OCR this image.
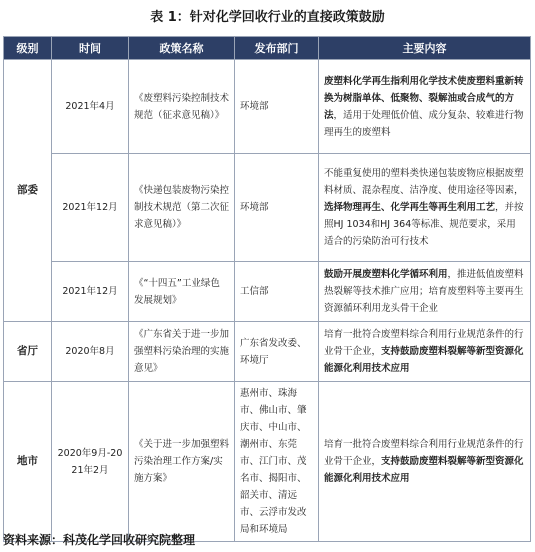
表 1：针对化学回收行业的直接政策鼓励
级别	时间	政策名称	发布部门	主要内容
部委	2021年4月	《废塑料污染控制技术规范（征求意见稿）》	环境部	废塑料化学再生指利用化学技术使废塑料重新转换为树脂单体、低聚物、裂解油或合成气的方法，适用于处理低价值、成分复杂、较难进行物理再生的废塑料
	2021年12月	《快递包装废物污染控制技术规范（第二次征求意见稿）》	环境部	不能重复使用的塑料类快递包装废物应根据废塑料材质、混杂程度、洁净度、使用途径等因素，选择物理再生、化学再生等再生利用工艺，并按照HJ 1034和HJ 364等标准、规范要求，采用适合的污染防治可行技术
	2021年12月	《“十四五”工业绿色发展规划》	工信部	鼓励开展废塑料化学循环利用，推进低值废塑料热裂解等技术推广应用；培育废塑料等主要再生资源循环利用龙头骨干企业
省厅	2020年8月	《广东省关于进一步加强塑料污染治理的实施意见》	广东省发改委、环境厅	培育一批符合废塑料综合利用行业规范条件的行业骨干企业，支持鼓励废塑料裂解等新型资源化能源化利用技术应用
地市	2020年9月-2021年2月	《关于进一步加强塑料污染治理工作方案/实施方案》	惠州市、珠海市、佛山市、肇庆市、中山市、潮州市、东莞市、江门市、茂名市、揭阳市、韶关市、清远市、云浮市发改局和环境局	培育一批符合废塑料综合利用行业规范条件的行业骨干企业，支持鼓励废塑料裂解等新型资源化能源化利用技术应用
资料来源：科茂化学回收研究院整理
